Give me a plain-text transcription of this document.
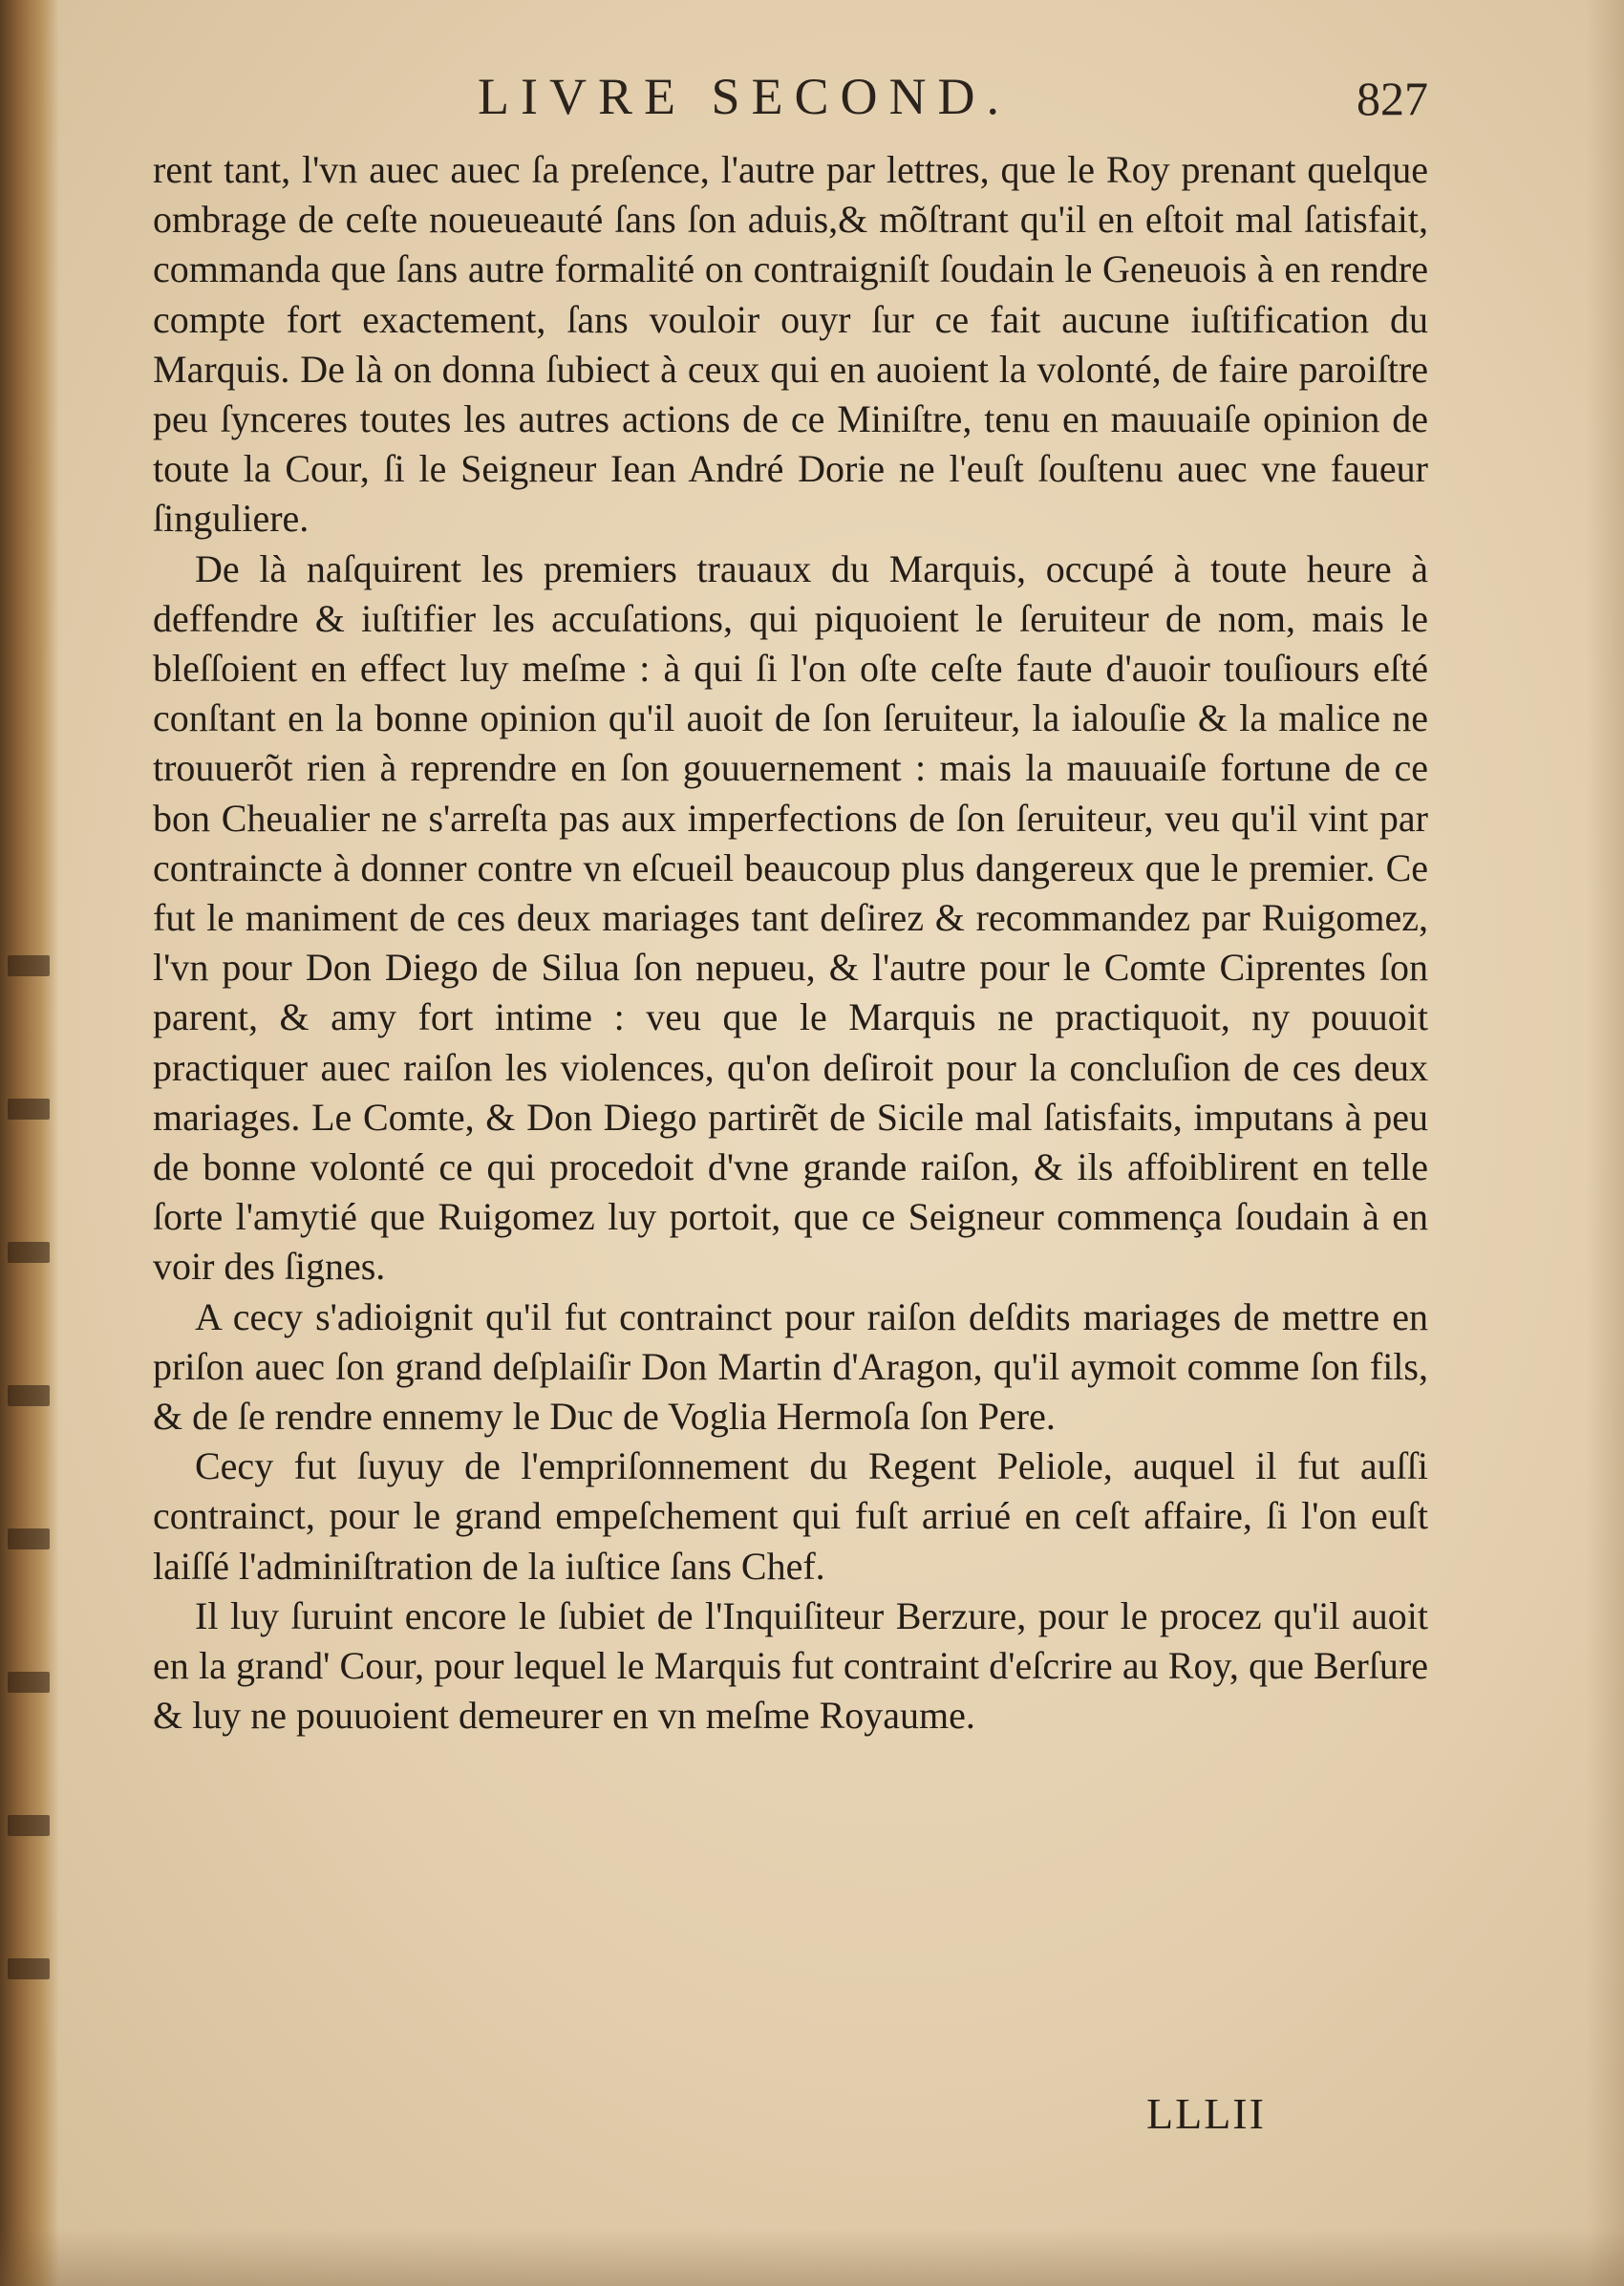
LIVRE SECOND.	827

rent tant, l'vn auec auec ſa preſence, l'autre par lettres, que le Roy prenant quelque ombrage de ceſte noueueauté ſans ſon aduis,& mõſtrant qu'il en eſtoit mal ſatisfait, commanda que ſans autre formalité on contraigniſt ſoudain le Geneuois à en rendre compte fort exactement, ſans vouloir ouyr ſur ce fait aucune iuſtification du Marquis. De là on donna ſubiect à ceux qui en auoient la volonté, de faire paroiſtre peu ſynceres toutes les autres actions de ce Miniſtre, tenu en mauuaiſe opinion de toute la Cour, ſi le Seigneur Iean André Dorie ne l'euſt ſouſtenu auec vne faueur ſinguliere.

De là naſquirent les premiers trauaux du Marquis, occupé à toute heure à deffendre & iuſtifier les accuſations, qui piquoient le ſeruiteur de nom, mais le bleſſoient en effect luy meſme : à qui ſi l'on oſte ceſte faute d'auoir touſiours eſté conſtant en la bonne opinion qu'il auoit de ſon ſeruiteur, la ialouſie & la malice ne trouuerõt rien à reprendre en ſon gouuernement : mais la mauuaiſe fortune de ce bon Cheualier ne s'arreſta pas aux imperfections de ſon ſeruiteur, veu qu'il vint par contraincte à donner contre vn eſcueil beaucoup plus dangereux que le premier. Ce fut le maniment de ces deux mariages tant deſirez & recommandez par Ruigomez, l'vn pour Don Diego de Silua ſon nepueu, & l'autre pour le Comte Ciprentes ſon parent, & amy fort intime : veu que le Marquis ne practiquoit, ny pouuoit practiquer auec raiſon les violences, qu'on deſiroit pour la concluſion de ces deux mariages. Le Comte, & Don Diego partirẽt de Sicile mal ſatisfaits, imputans à peu de bonne volonté ce qui procedoit d'vne grande raiſon, & ils affoiblirent en telle ſorte l'amytié que Ruigomez luy portoit, que ce Seigneur commença ſoudain à en voir des ſignes.

A cecy s'adioignit qu'il fut contrainct pour raiſon deſdits mariages de mettre en priſon auec ſon grand deſplaiſir Don Martin d'Aragon, qu'il aymoit comme ſon fils, & de ſe rendre ennemy le Duc de Voglia Hermoſa ſon Pere.

Cecy fut ſuyuy de l'empriſonnement du Regent Peliole, auquel il fut auſſi contrainct, pour le grand empeſchement qui fuſt arriué en ceſt affaire, ſi l'on euſt laiſſé l'adminiſtration de la iuſtice ſans Chef.

Il luy ſuruint encore le ſubiet de l'Inquiſiteur Berzure, pour le procez qu'il auoit en la grand' Cour, pour lequel le Marquis fut contraint d'eſcrire au Roy, que Berſure & luy ne pouuoient demeurer en vn meſme Royaume.

LLLII
